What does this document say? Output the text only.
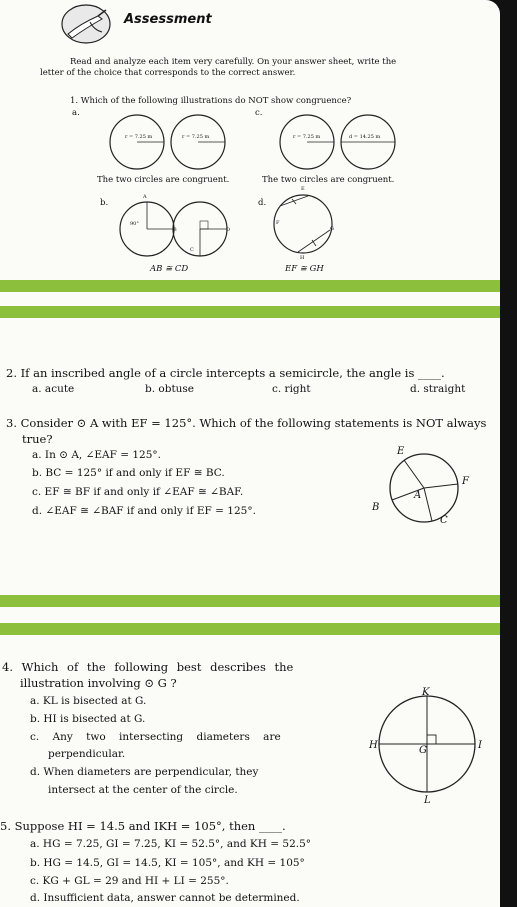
Assessment
Read and analyze each item very carefully. On your answer sheet, write the
letter of the choice that corresponds to the correct answer.
1. Which of the following illustrations do NOT show congruence?
a.	c.
r = 7.25 m	r = 7.25 m
The two circles are congruent.
r = 7.25 m	d = 14.25 m
The two circles are congruent.
b.
A
90°
B
C
D
AB ≅ CD
d.
E
F
G
H
EF ≅ GH
2. If an inscribed angle of a circle intercepts a semicircle, the angle is ____.
a. acute	b. obtuse	c. right	d. straight
3. Consider ⊙ A with EF = 125°. Which of the following statements is NOT always
true?
a. In ⊙ A, ∠EAF = 125°.
b. BC = 125° if and only if EF ≅ BC.
c. EF ≅ BF if and only if ∠EAF ≅ ∠BAF.
d. ∠EAF ≅ ∠BAF if and only if EF = 125°.
E
F
A
B
C
4. Which of the following best describes the
illustration involving ⊙ G ?
a. KL is bisected at G.
b. HI is bisected at G.
c. Any two intersecting diameters are
perpendicular.
d. When diameters are perpendicular, they
intersect at the center of the circle.
K
H	G	I
L
5. Suppose HI = 14.5 and IKH = 105°, then ____.
a. HG = 7.25, GI = 7.25, KI = 52.5°, and KH = 52.5°
b. HG = 14.5, GI = 14.5, KI = 105°, and KH = 105°
c. KG + GL = 29 and HI + LI = 255°.
d. Insufficient data, answer cannot be determined.
